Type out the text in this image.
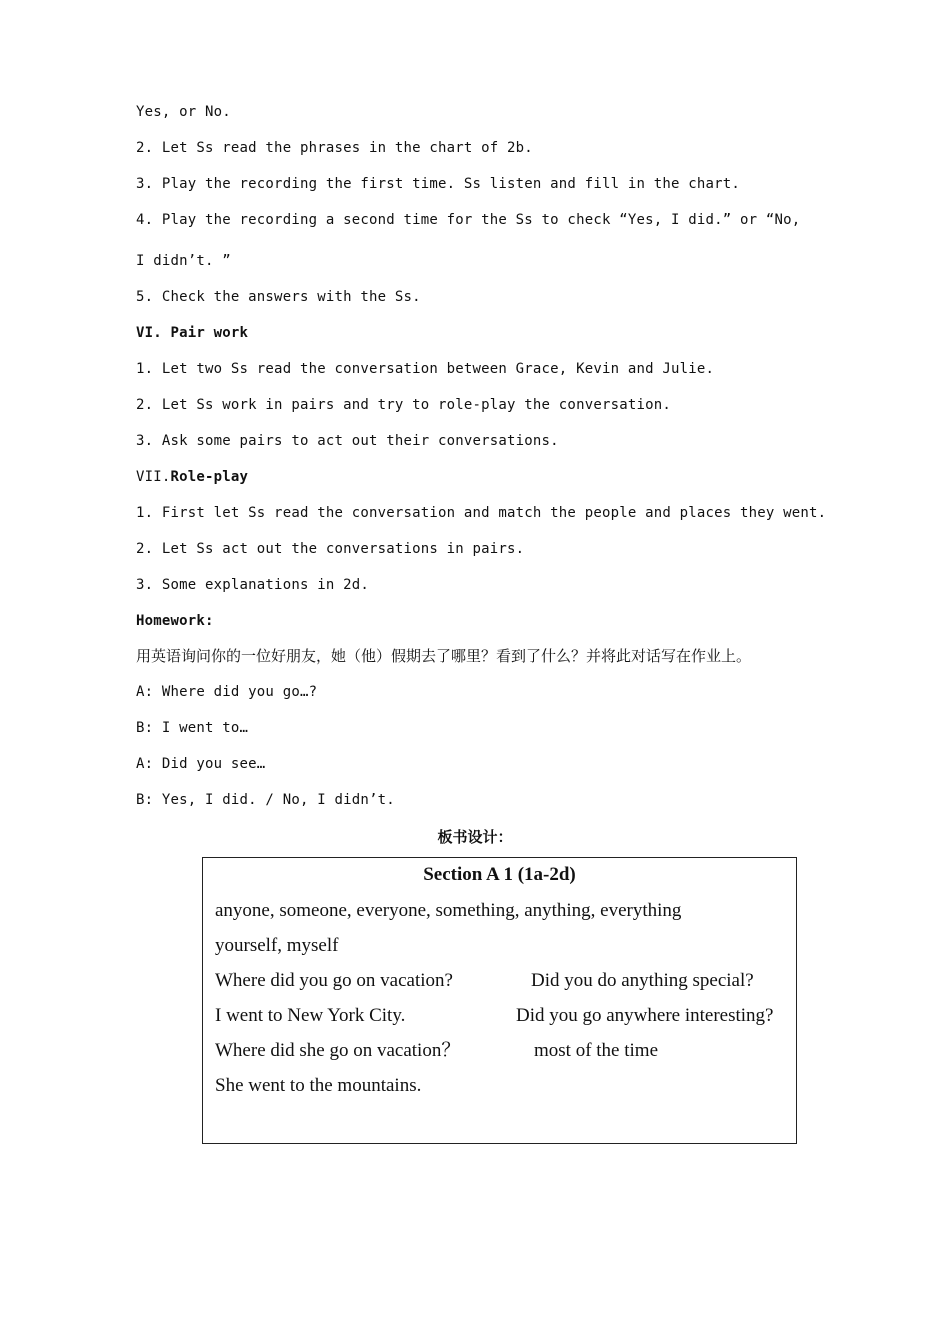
Yes, or No.
2. Let Ss read the phrases in the chart of 2b.
3. Play the recording the first time. Ss listen and fill in the chart.
4. Play the recording a second time for the Ss to check “Yes, I did.” or “No,
I didn’t. ”
5. Check the answers with the Ss.
VI. Pair work
1. Let two Ss read the conversation between Grace, Kevin and Julie.
2. Let Ss work in pairs and try to role-play the conversation.
3. Ask some pairs to act out their conversations.
VII.Role-play
1. First let Ss read the conversation and match the people and places they went.
2. Let Ss act out the conversations in pairs.
3. Some explanations in 2d.
Homework:
用英语询问你的一位好朋友，她（他）假期去了哪里？看到了什么？并将此对话写在作业上。
A: Where did you go…?
B: I went to…
A: Did you see…
B: Yes, I did. / No, I didn’t.
板书设计：
Section A 1 (1a-2d)
anyone, someone, everyone, something, anything, everything
yourself, myself
Where did you go on vacation?	Did you do anything special?
I went to New York City.	Did you go anywhere interesting?
Where did she go on vacation？	most of the time
She went to the mountains.
